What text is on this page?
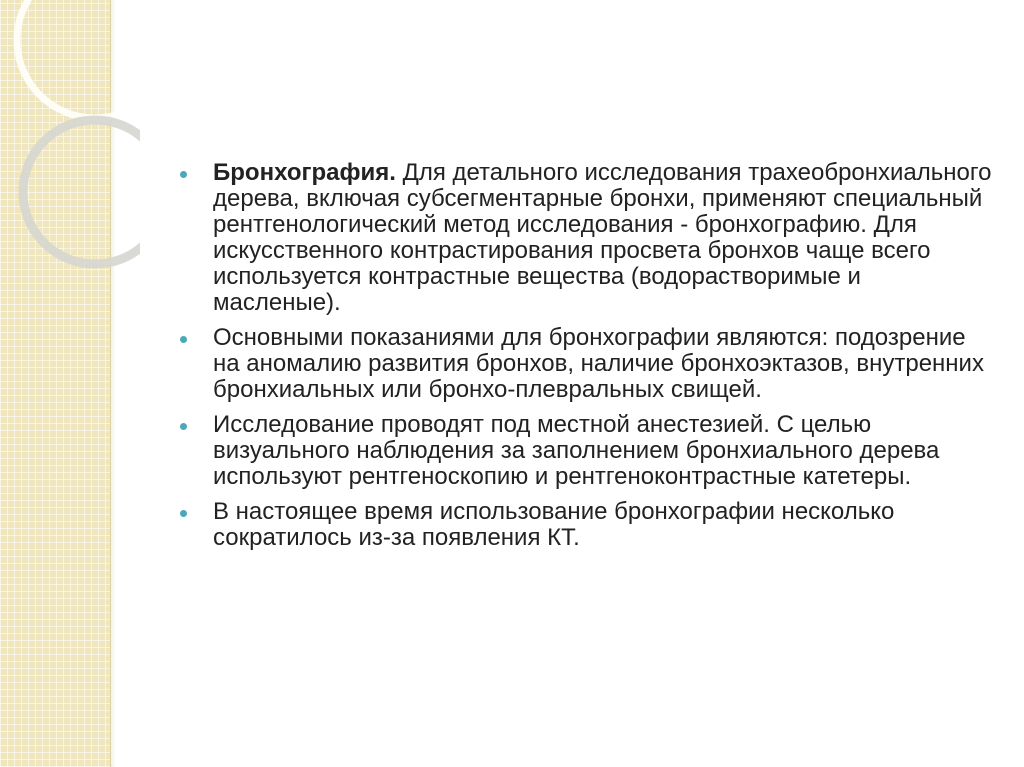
Бронхография. Для детального исследования трахеобронхиального дерева, включая субсегментарные бронхи, применяют специальный рентгенологический метод исследования - бронхографию. Для искусственного контрастирования просвета бронхов чаще всего используется контрастные вещества (водорастворимые и масленые).
Основными показаниями для бронхографии являются: подозрение на аномалию развития бронхов, наличие бронхоэктазов, внутренних бронхиальных или бронхо-плевральных свищей.
Исследование проводят под местной анестезией. С целью визуального наблюдения за заполнением бронхиального дерева используют рентгеноскопию и рентгеноконтрастные катетеры.
В настоящее время использование бронхографии несколько сократилось из-за появления КТ.
